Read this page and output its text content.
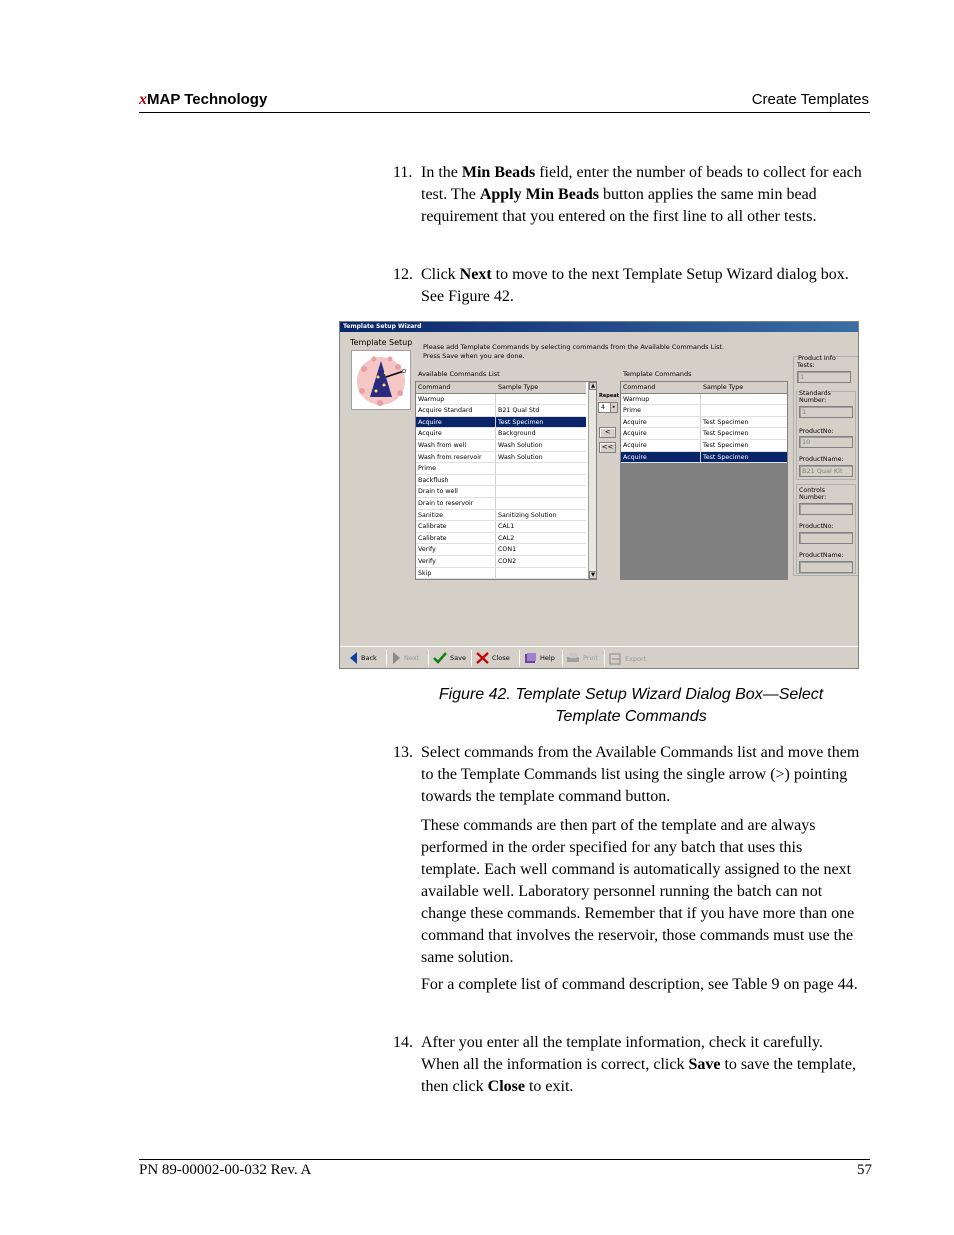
xMAP Technology	Create Templates
11. In the Min Beads field, enter the number of beads to collect for each test. The Apply Min Beads button applies the same min bead requirement that you entered on the first line to all other tests.
12. Click Next to move to the next Template Setup Wizard dialog box. See Figure 42.
Template Setup Wizard
Template Setup Please add Template Commands by selecting commands from the Available Commands List.
Press Save when you are done.
Available Commands List	Template Commands
Command	Sample Type	▲
▼
Warmup
Acquire Standard	B21 Qual Std
Acquire	Test Specimen
Acquire	Background
Wash from well	Wash Solution
Wash from reservoir	Wash Solution
Prime
Backflush
Drain to well
Drain to reservoir
Sanitize	Sanitizing Solution
Calibrate	CAL1
Calibrate	CAL2
Verify	CON1
Verify	CON2
Skip
Repeat
4	▸
<
<<
Command	Sample Type
Warmup
Prime
Acquire	Test Specimen
Acquire	Test Specimen
Acquire	Test Specimen
Acquire	Test Specimen
Product Info
Tests:
1
Standards
Number:
1
ProductNo:
10
ProductName:
B21 Qual Kit
Controls
Number:
ProductNo:
ProductName:
Back	Next	Save	Close	Help	Print	Export
Figure 42. Template Setup Wizard Dialog Box—Select
Template Commands
13. Select commands from the Available Commands list and move them to the Template Commands list using the single arrow (>) pointing towards the template command button.
These commands are then part of the template and are always performed in the order specified for any batch that uses this template. Each well command is automatically assigned to the next available well. Laboratory personnel running the batch can not change these commands. Remember that if you have more than one command that involves the reservoir, those commands must use the same solution.
For a complete list of command description, see Table 9 on page 44.
14. After you enter all the template information, check it carefully. When all the information is correct, click Save to save the template, then click Close to exit.
PN 89-00002-00-032 Rev. A	57
